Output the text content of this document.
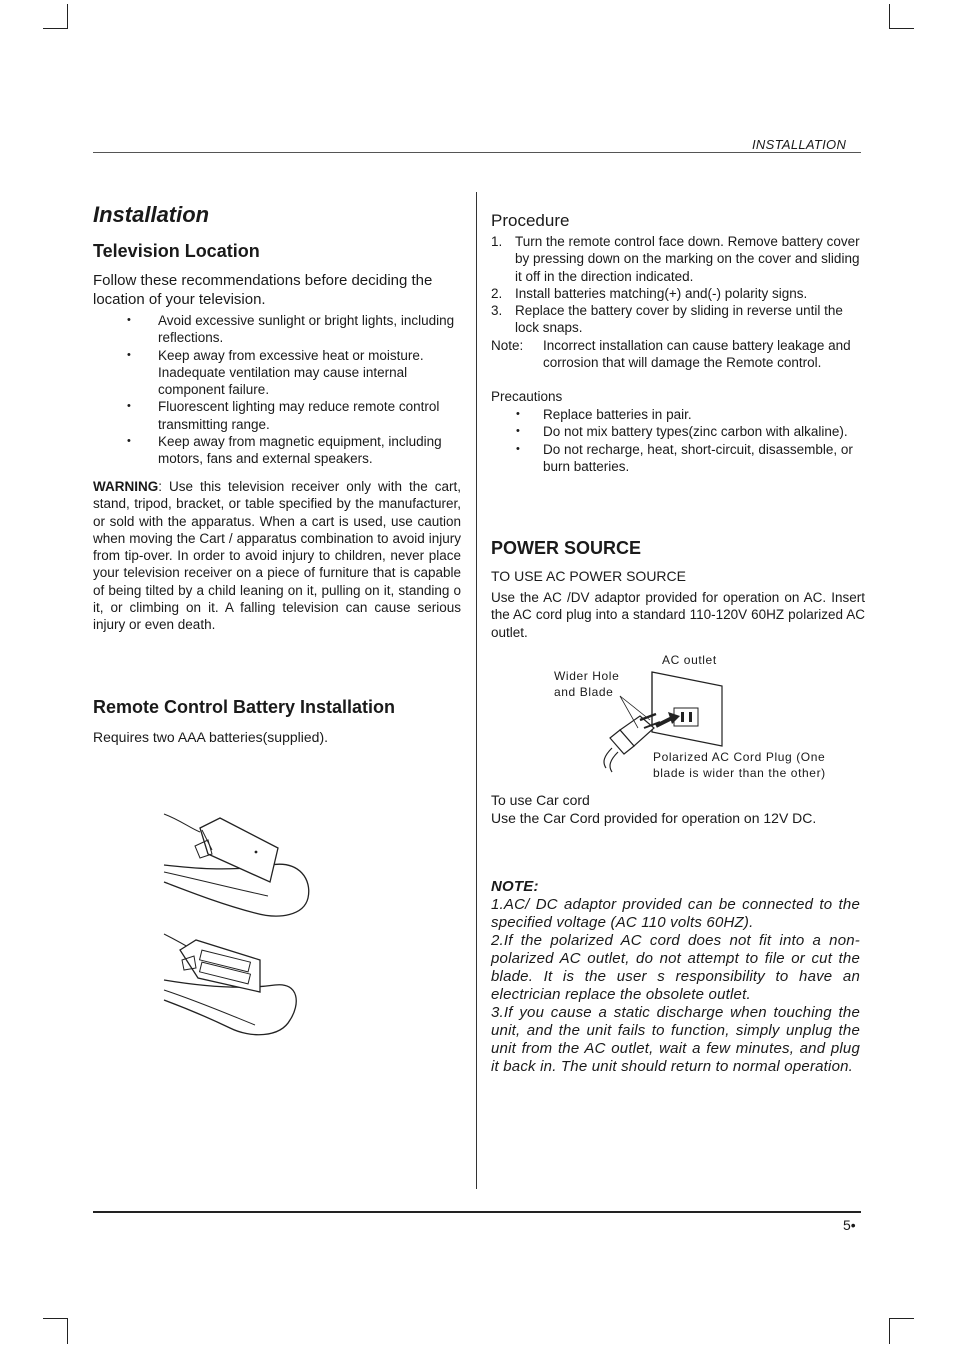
INSTALLATION
Installation
Television Location
Follow these recommendations before deciding the location of your television.
• Avoid excessive sunlight or bright lights, including reflections.
• Keep away from excessive heat or moisture. Inadequate ventilation may cause internal component failure.
• Fluorescent lighting may reduce remote control transmitting range.
• Keep away from magnetic equipment, including motors, fans and external speakers.
WARNING: Use this television receiver only with the cart, stand, tripod, bracket, or table specified by the manufacturer, or sold with the apparatus. When a cart is used, use caution when moving the Cart / apparatus combination to avoid injury from tip-over. In order to avoid injury to children, never place your television receiver on a piece of furniture that is capable of being tilted by a child leaning on it, pulling on it, standing o it, or climbing on it. A falling television can cause serious injury or even death.
Remote Control Battery Installation
Requires two AAA batteries(supplied).
Procedure
1. Turn the remote control face down. Remove battery cover by pressing down on the marking on the cover and sliding it off in the direction indicated.
2. Install batteries matching(+) and(-) polarity signs.
3. Replace the battery cover by sliding in reverse until the lock snaps.
Note:	Incorrect installation can cause battery leakage and corrosion that will damage the Remote control.
Precautions
• Replace batteries in pair.
• Do not mix battery types(zinc carbon with alkaline).
• Do not recharge, heat, short-circuit, disassemble, or burn batteries.
POWER SOURCE
TO USE AC POWER SOURCE
Use the AC /DV adaptor provided for operation on AC. Insert the AC cord plug into a standard 110-120V 60HZ polarized AC outlet.
AC outlet
Wider Hole
and Blade
Polarized AC Cord Plug (One
blade is wider than the other)
To use Car cord
Use the Car Cord provided for operation on 12V DC.
NOTE:
1.AC/ DC adaptor provided can be connected to the specified voltage (AC 110 volts 60HZ).
2.If the polarized AC cord does not fit into a non-polarized AC outlet, do not attempt to file or cut the blade. It is the user s responsibility to have an electrician replace the obsolete outlet.
3.If you cause a static discharge when touching the unit, and the unit fails to function, simply unplug the unit from the AC outlet, wait a few minutes, and plug it back in. The unit should return to normal operation.
5•
